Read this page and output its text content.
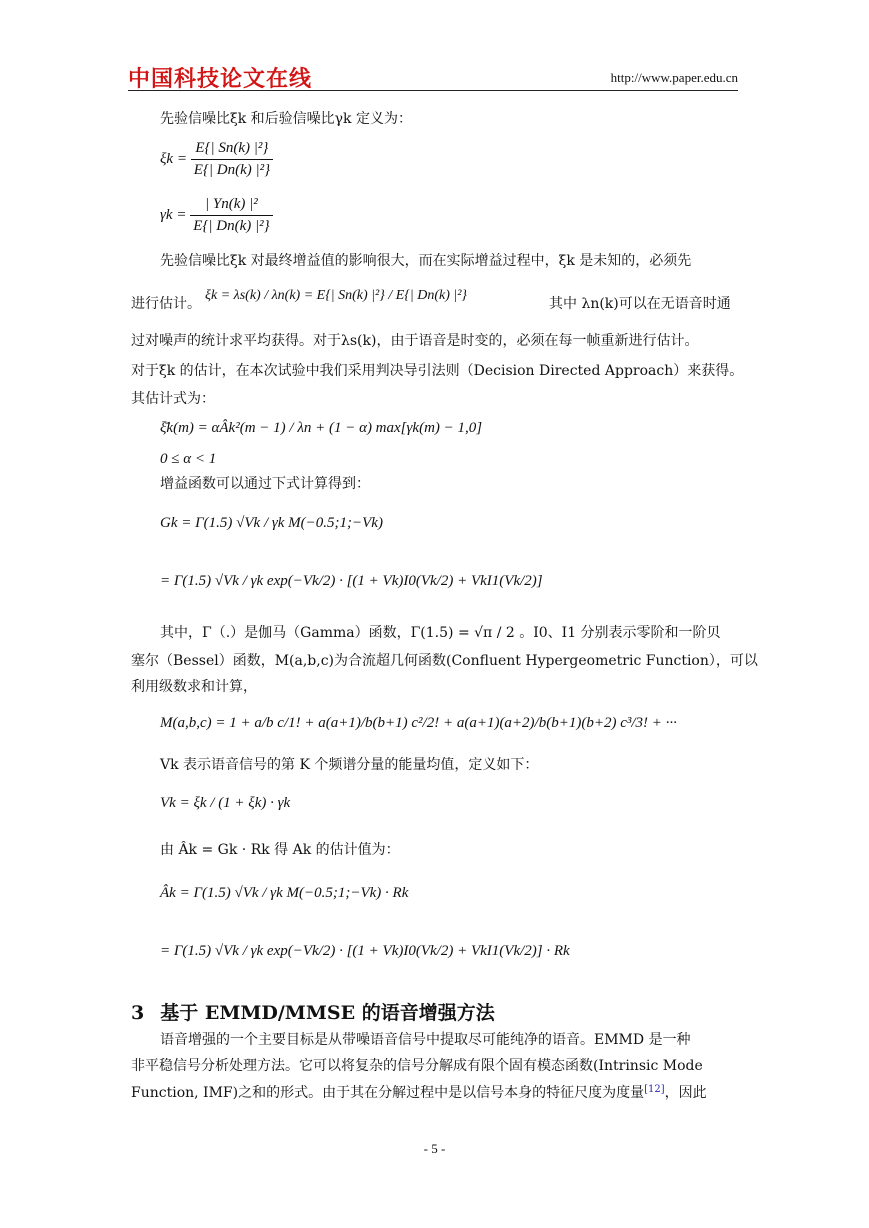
中国科技论文在线	http://www.paper.edu.cn
先验信噪比ξk 和后验信噪比γk 定义为：
$\xi k = \frac{\text{E\{| Sn(k) |²\}}}{\text{E\{| Dn(k) |²\}}}$
$\gamma k = \frac{\text{| Yn(k) |²}}{\text{E\{| Dn(k) |²\}}}$
先验信噪比ξk 对最终增益值的影响很大，而在实际增益过程中，ξk 是未知的，必须先
进行估计。
ξk = λs(k) / λn(k) = E{| Sn(k) |²} / E{| Dn(k) |²}
其中 λn(k)可以在无语音时通
过对噪声的统计求平均获得。对于λs(k)，由于语音是时变的，必须在每一帧重新进行估计。
对于ξk 的估计，在本次试验中我们采用判决导引法则（Decision Directed Approach）来获得。
其估计式为：
ξ̄k(m) = αÂk²(m − 1) / λn + (1 − α) max[γk(m) − 1,0]
0 ≤ α < 1
增益函数可以通过下式计算得到：
Gk = Γ(1.5) √Vk / γk M(−0.5;1;−Vk)
= Γ(1.5) √Vk / γk exp(−Vk/2) · [(1 + Vk)I0(Vk/2) + VkI1(Vk/2)]
其中，Γ（.）是伽马（Gamma）函数，Γ(1.5) = √π / 2 。I0、I1 分别表示零阶和一阶贝
塞尔（Bessel）函数，M(a,b,c)为合流超几何函数(Confluent Hypergeometric Function），可以
利用级数求和计算，
M(a,b,c) = 1 + a/b c/1! + a(a+1)/b(b+1) c²/2! + a(a+1)(a+2)/b(b+1)(b+2) c³/3! + ···
Vk 表示语音信号的第 K 个频谱分量的能量均值，定义如下：
Vk = ξk / (1 + ξk) · γk
由 Âk = Gk · Rk 得 Ak 的估计值为：
Âk = Γ(1.5) √Vk / γk M(−0.5;1;−Vk) · Rk
= Γ(1.5) √Vk / γk exp(−Vk/2) · [(1 + Vk)I0(Vk/2) + VkI1(Vk/2)] · Rk
3 基于 EMMD/MMSE 的语音增强方法
语音增强的一个主要目标是从带噪语音信号中提取尽可能纯净的语音。EMMD 是一种
非平稳信号分析处理方法。它可以将复杂的信号分解成有限个固有模态函数(Intrinsic Mode
Function, IMF)之和的形式。由于其在分解过程中是以信号本身的特征尺度为度量[12]，因此
- 5 -
